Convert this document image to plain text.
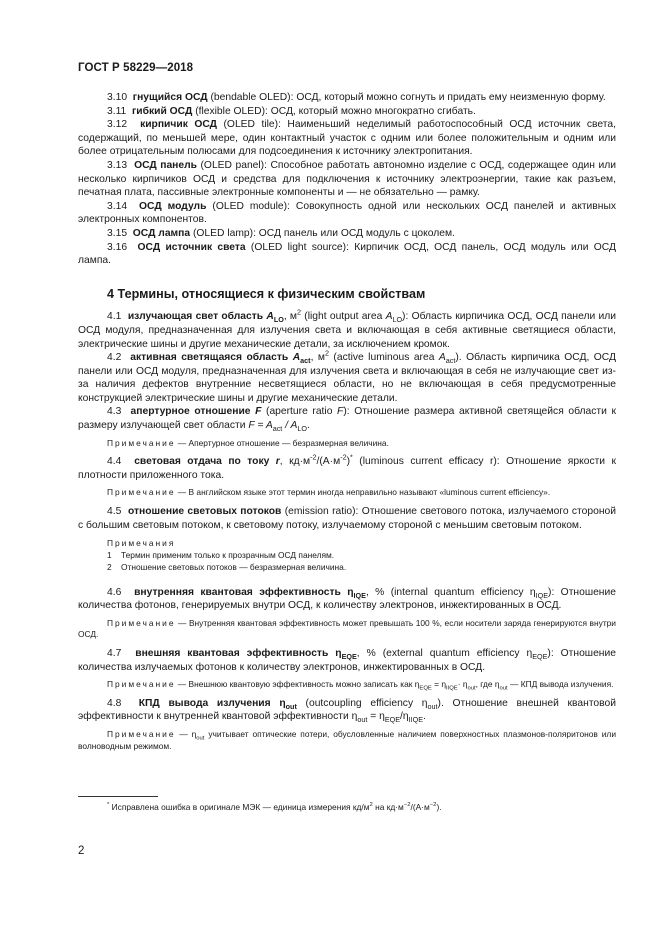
ГОСТ Р 58229—2018

3.10 гнущийся ОСД (bendable OLED): ОСД, который можно согнуть и придать ему неизменную форму.

3.11 гибкий ОСД (flexible OLED): ОСД, который можно многократно сгибать.

3.12 кирпичик ОСД (OLED tile): Наименьший неделимый работоспособный ОСД источник света, содержащий, по меньшей мере, один контактный участок с одним или более положительным и одним или более отрицательным полюсами для подсоединения к источнику электропитания.

3.13 ОСД панель (OLED panel): Способное работать автономно изделие с ОСД, содержащее один или несколько кирпичиков ОСД и средства для подключения к источнику электроэнергии, такие как разъем, печатная плата, пассивные электронные компоненты и — не обязательно — рамку.

3.14 ОСД модуль (OLED module): Совокупность одной или нескольких ОСД панелей и активных электронных компонентов.

3.15 ОСД лампа (OLED lamp): ОСД панель или ОСД модуль с цоколем.

3.16 ОСД источник света (OLED light source): Кирпичик ОСД, ОСД панель, ОСД модуль или ОСД лампа.

4 Термины, относящиеся к физическим свойствам

4.1 излучающая свет область $A_{LO}$, $м^2$ (light output area $A_{LO}$): Область кирпичика ОСД, ОСД панели или ОСД модуля, предназначенная для излучения света и включающая в себя активные светящиеся области, электрические шины и другие механические детали, за исключением кромок.

4.2 активная светящаяся область $A_{act}$, $м^2$ (active luminous area $A_{act}$). Область кирпичика ОСД, ОСД панели или ОСД модуля, предназначенная для излучения света и включающая в себя не излучающие свет из-за наличия дефектов внутренние несветящиеся области, но не включающая в себя предусмотренные конструкцией электрические шины и другие механические детали.

4.3 апертурное отношение F (aperture ratio F): Отношение размера активной светящейся области к размеру излучающей свет области $F = A_{act} / A_{LO}$.

Примечание — Апертурное отношение — безразмерная величина.

4.4 световая отдача по току r, $кд\cdot м^{-2}/(А\cdot м^{-2})^*$ (luminous current efficacy r): Отношение яркости к плотности приложенного тока.

Примечание — В английском языке этот термин иногда неправильно называют «luminous current efficiency».

4.5 отношение световых потоков (emission ratio): Отношение светового потока, излучаемого стороной с большим световым потоком, к световому потоку, излучаемому стороной с меньшим световым потоком.

Примечания
1 Термин применим только к прозрачным ОСД панелям.
2 Отношение световых потоков — безразмерная величина.

4.6 внутренняя квантовая эффективность $\eta_{IQE}$, % (internal quantum efficiency $\eta_{IQE}$): Отношение количества фотонов, генерируемых внутри ОСД, к количеству электронов, инжектированных в ОСД.

Примечание — Внутренняя квантовая эффективность может превышать 100 %, если носители заряда генерируются внутри ОСД.

4.7 внешняя квантовая эффективность $\eta_{EQE}$, % (external quantum efficiency $\eta_{EQE}$): Отношение количества излучаемых фотонов к количеству электронов, инжектированных в ОСД.

Примечание — Внешнюю квантовую эффективность можно записать как $\eta_{EQE} = \eta_{IIQE}\cdot \eta_{out}$, где $\eta_{out}$ — КПД вывода излучения.

4.8 КПД вывода излучения $\eta_{out}$ (outcoupling efficiency $\eta_{out}$). Отношение внешней квантовой эффективности к внутренней квантовой эффективности $\eta_{out} = \eta_{EQE}/\eta_{IIQE}$.

Примечание — $\eta_{out}$ учитывает оптические потери, обусловленные наличием поверхностных плазмонов-поляритонов или волноводным режимом.
* Исправлена ошибка в оригинале МЭК — единица измерения $кд/м^2$ на $кд\cdot м^{-2}/(А\cdot м^{-2})$.
2
